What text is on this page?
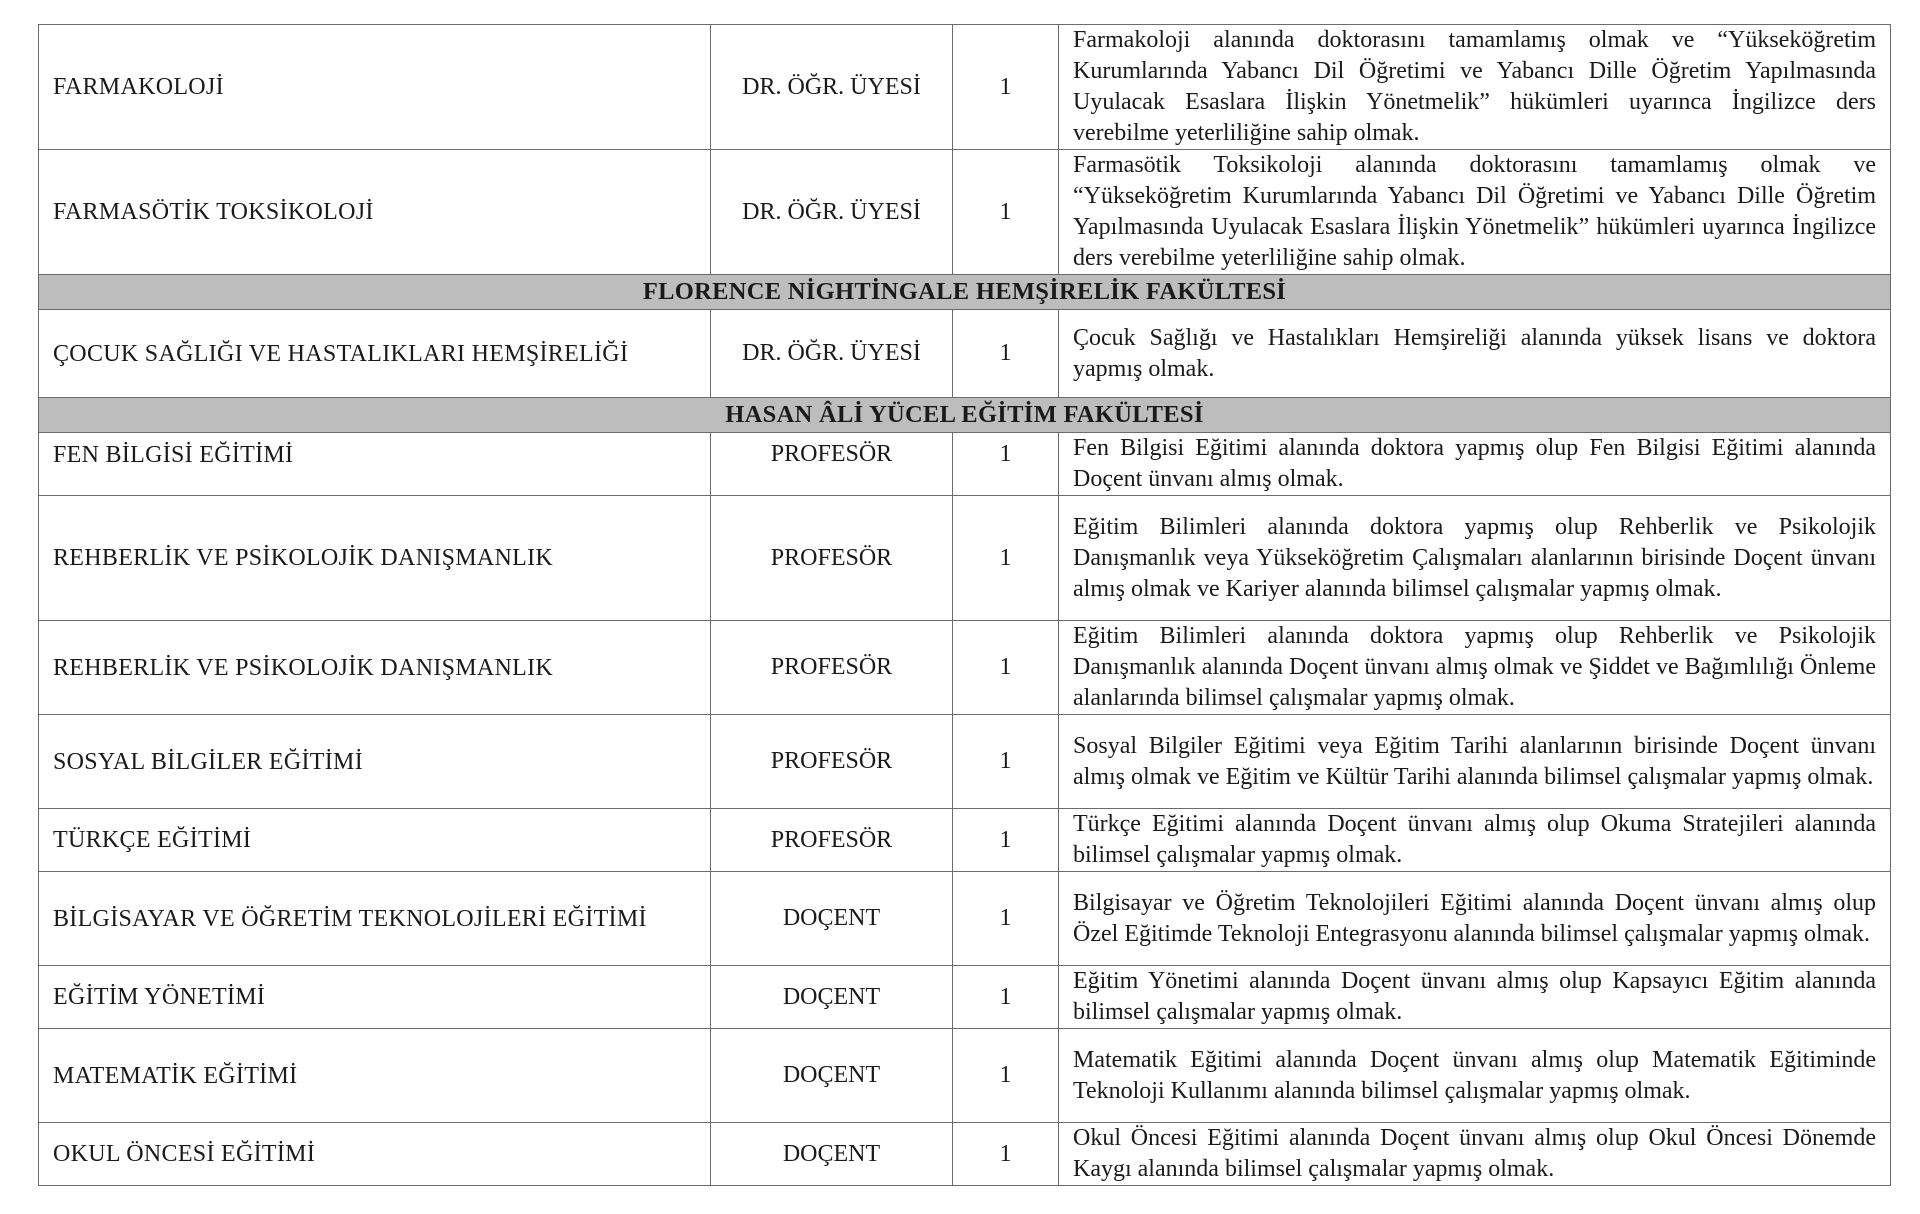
FARMAKOLOJİ	DR. ÖĞR. ÜYESİ	1	Farmakoloji alanında doktorasını tamamlamış olmak ve “Yükseköğretim Kurumlarında Yabancı Dil Öğretimi ve Yabancı Dille Öğretim Yapılmasında Uyulacak Esaslara İlişkin Yönetmelik” hükümleri uyarınca İngilizce ders verebilme yeterliliğine sahip olmak.
FARMASÖTİK TOKSİKOLOJİ	DR. ÖĞR. ÜYESİ	1	Farmasötik Toksikoloji alanında doktorasını tamamlamış olmak ve “Yükseköğretim Kurumlarında Yabancı Dil Öğretimi ve Yabancı Dille Öğretim Yapılmasında Uyulacak Esaslara İlişkin Yönetmelik” hükümleri uyarınca İngilizce ders verebilme yeterliliğine sahip olmak.
FLORENCE NİGHTİNGALE HEMŞİRELİK FAKÜLTESİ			
ÇOCUK SAĞLIĞI VE HASTALIKLARI HEMŞİRELİĞİ	DR. ÖĞR. ÜYESİ	1	Çocuk Sağlığı ve Hastalıkları Hemşireliği alanında yüksek lisans ve doktora yapmış olmak.
HASAN ÂLİ YÜCEL EĞİTİM FAKÜLTESİ			
FEN BİLGİSİ EĞİTİMİ	PROFESÖR	1	Fen Bilgisi Eğitimi alanında doktora yapmış olup Fen Bilgisi Eğitimi alanında Doçent ünvanı almış olmak.
REHBERLİK VE PSİKOLOJİK DANIŞMANLIK	PROFESÖR	1	Eğitim Bilimleri alanında doktora yapmış olup Rehberlik ve Psikolojik Danışmanlık veya Yükseköğretim Çalışmaları alanlarının birisinde Doçent ünvanı almış olmak ve Kariyer alanında bilimsel çalışmalar yapmış olmak.
REHBERLİK VE PSİKOLOJİK DANIŞMANLIK	PROFESÖR	1	Eğitim Bilimleri alanında doktora yapmış olup Rehberlik ve Psikolojik Danışmanlık alanında Doçent ünvanı almış olmak ve Şiddet ve Bağımlılığı Önleme alanlarında bilimsel çalışmalar yapmış olmak.
SOSYAL BİLGİLER EĞİTİMİ	PROFESÖR	1	Sosyal Bilgiler Eğitimi veya Eğitim Tarihi alanlarının birisinde Doçent ünvanı almış olmak ve Eğitim ve Kültür Tarihi alanında bilimsel çalışmalar yapmış olmak.
TÜRKÇE EĞİTİMİ	PROFESÖR	1	Türkçe Eğitimi alanında Doçent ünvanı almış olup Okuma Stratejileri alanında bilimsel çalışmalar yapmış olmak.
BİLGİSAYAR VE ÖĞRETİM TEKNOLOJİLERİ EĞİTİMİ	DOÇENT	1	Bilgisayar ve Öğretim Teknolojileri Eğitimi alanında Doçent ünvanı almış olup Özel Eğitimde Teknoloji Entegrasyonu alanında bilimsel çalışmalar yapmış olmak.
EĞİTİM YÖNETİMİ	DOÇENT	1	Eğitim Yönetimi alanında Doçent ünvanı almış olup Kapsayıcı Eğitim alanında bilimsel çalışmalar yapmış olmak.
MATEMATİK EĞİTİMİ	DOÇENT	1	Matematik Eğitimi alanında Doçent ünvanı almış olup Matematik Eğitiminde Teknoloji Kullanımı alanında bilimsel çalışmalar yapmış olmak.
OKUL ÖNCESİ EĞİTİMİ	DOÇENT	1	Okul Öncesi Eğitimi alanında Doçent ünvanı almış olup Okul Öncesi Dönemde Kaygı alanında bilimsel çalışmalar yapmış olmak.
